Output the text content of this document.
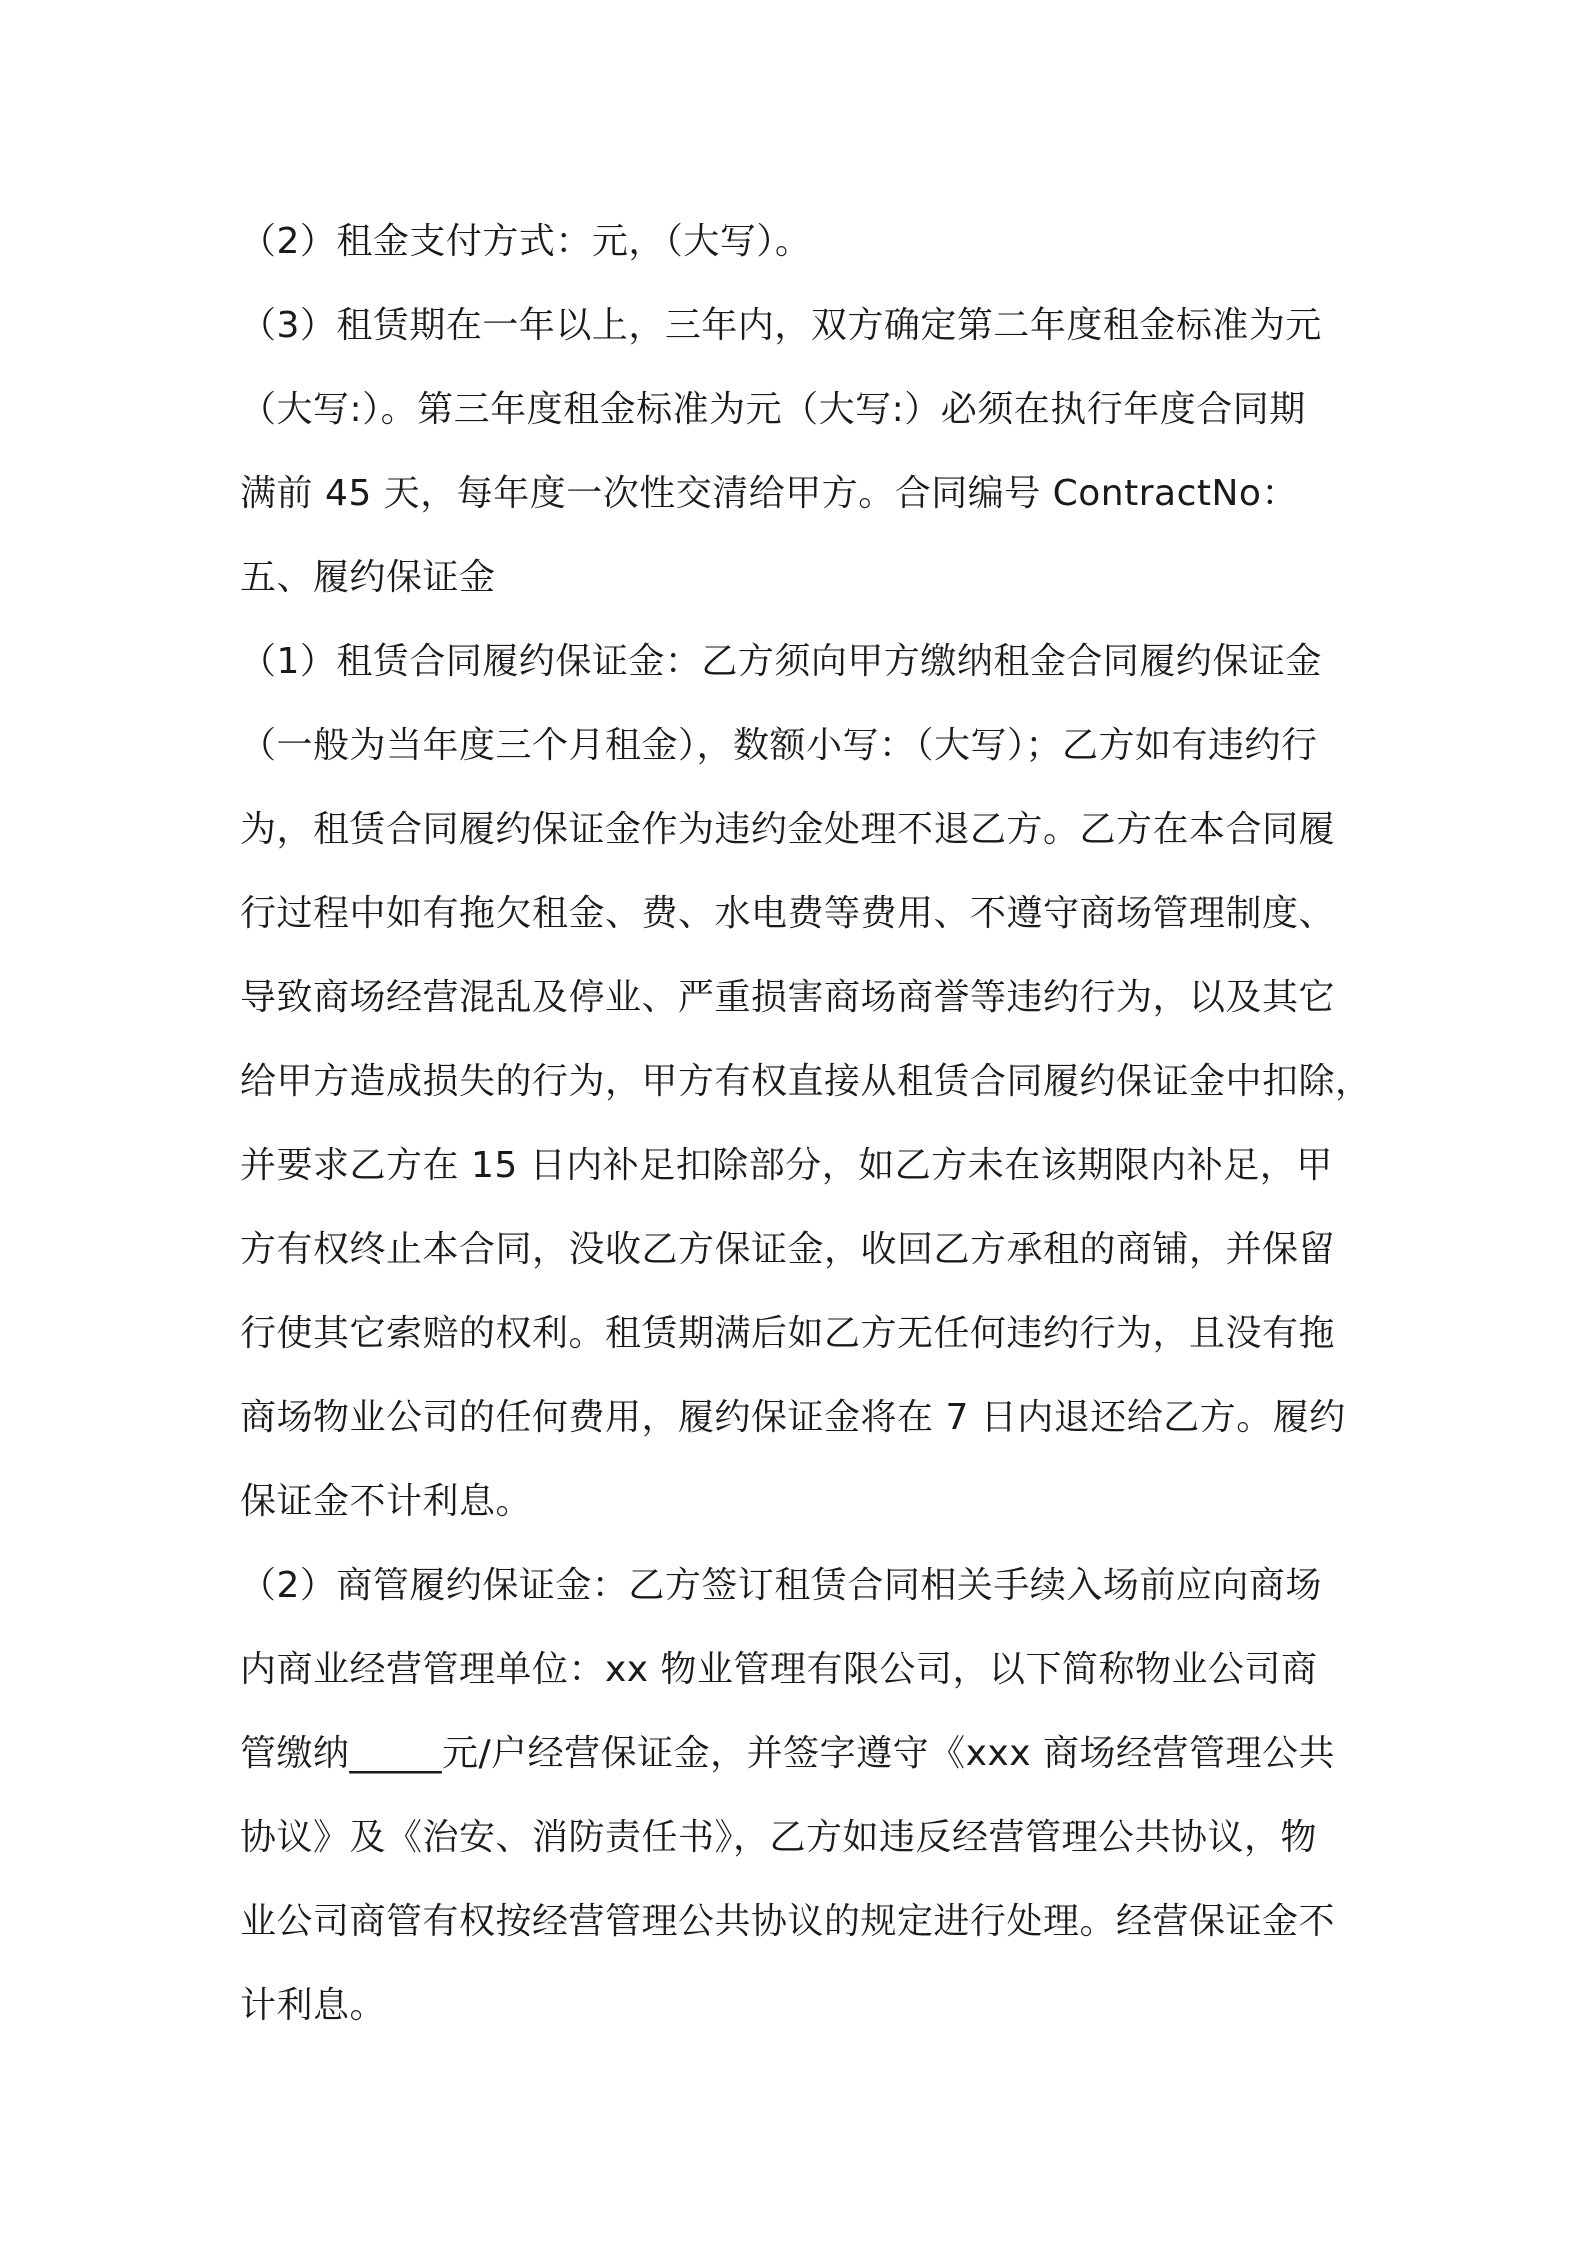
（2）租金支付方式：元，（大写）。
（3）租赁期在一年以上，三年内，双方确定第二年度租金标准为元
（大写:）。第三年度租金标准为元（大写:）必须在执行年度合同期
满前 45 天，每年度一次性交清给甲方。合同编号 ContractNo：
五、履约保证金
（1）租赁合同履约保证金：乙方须向甲方缴纳租金合同履约保证金
（一般为当年度三个月租金），数额小写：（大写）；乙方如有违约行
为，租赁合同履约保证金作为违约金处理不退乙方。乙方在本合同履
行过程中如有拖欠租金、费、水电费等费用、不遵守商场管理制度、
导致商场经营混乱及停业、严重损害商场商誉等违约行为，以及其它
给甲方造成损失的行为，甲方有权直接从租赁合同履约保证金中扣除，
并要求乙方在 15 日内补足扣除部分，如乙方未在该期限内补足，甲
方有权终止本合同，没收乙方保证金，收回乙方承租的商铺，并保留
行使其它索赔的权利。租赁期满后如乙方无任何违约行为，且没有拖
商场物业公司的任何费用，履约保证金将在 7 日内退还给乙方。履约
保证金不计利息。
（2）商管履约保证金：乙方签订租赁合同相关手续入场前应向商场
内商业经营管理单位：xx 物业管理有限公司，以下简称物业公司商
管缴纳_____元/户经营保证金，并签字遵守《xxx 商场经营管理公共
协议》及《治安、消防责任书》，乙方如违反经营管理公共协议，物
业公司商管有权按经营管理公共协议的规定进行处理。经营保证金不
计利息。
